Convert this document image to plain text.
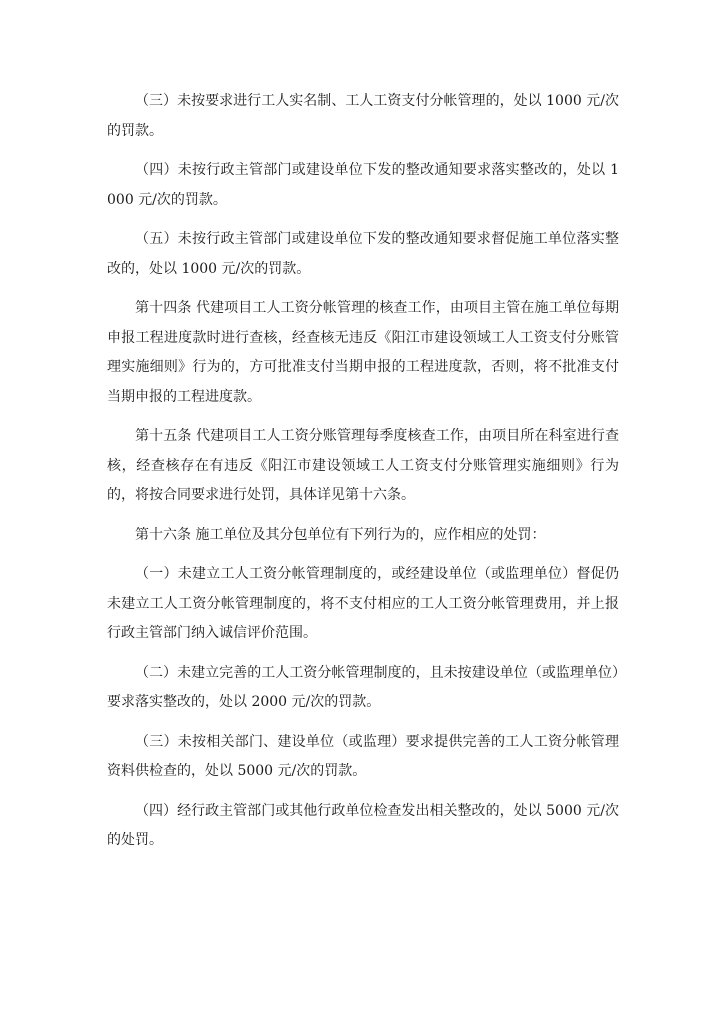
（三）未按要求进行工人实名制、工人工资支付分帐管理的，处以 1000 元/次的罚款。

（四）未按行政主管部门或建设单位下发的整改通知要求落实整改的，处以 1000 元/次的罚款。

（五）未按行政主管部门或建设单位下发的整改通知要求督促施工单位落实整改的，处以 1000 元/次的罚款。

第十四条 代建项目工人工资分帐管理的核查工作，由项目主管在施工单位每期申报工程进度款时进行查核，经查核无违反《阳江市建设领域工人工资支付分账管理实施细则》行为的，方可批准支付当期申报的工程进度款，否则，将不批准支付当期申报的工程进度款。

第十五条 代建项目工人工资分账管理每季度核查工作，由项目所在科室进行查核，经查核存在有违反《阳江市建设领域工人工资支付分账管理实施细则》行为的，将按合同要求进行处罚，具体详见第十六条。

第十六条 施工单位及其分包单位有下列行为的，应作相应的处罚：

（一）未建立工人工资分帐管理制度的，或经建设单位（或监理单位）督促仍未建立工人工资分帐管理制度的，将不支付相应的工人工资分帐管理费用，并上报行政主管部门纳入诚信评价范围。

（二）未建立完善的工人工资分帐管理制度的，且未按建设单位（或监理单位）要求落实整改的，处以 2000 元/次的罚款。

（三）未按相关部门、建设单位（或监理）要求提供完善的工人工资分帐管理资料供检查的，处以 5000 元/次的罚款。

（四）经行政主管部门或其他行政单位检查发出相关整改的，处以 5000 元/次的处罚。
